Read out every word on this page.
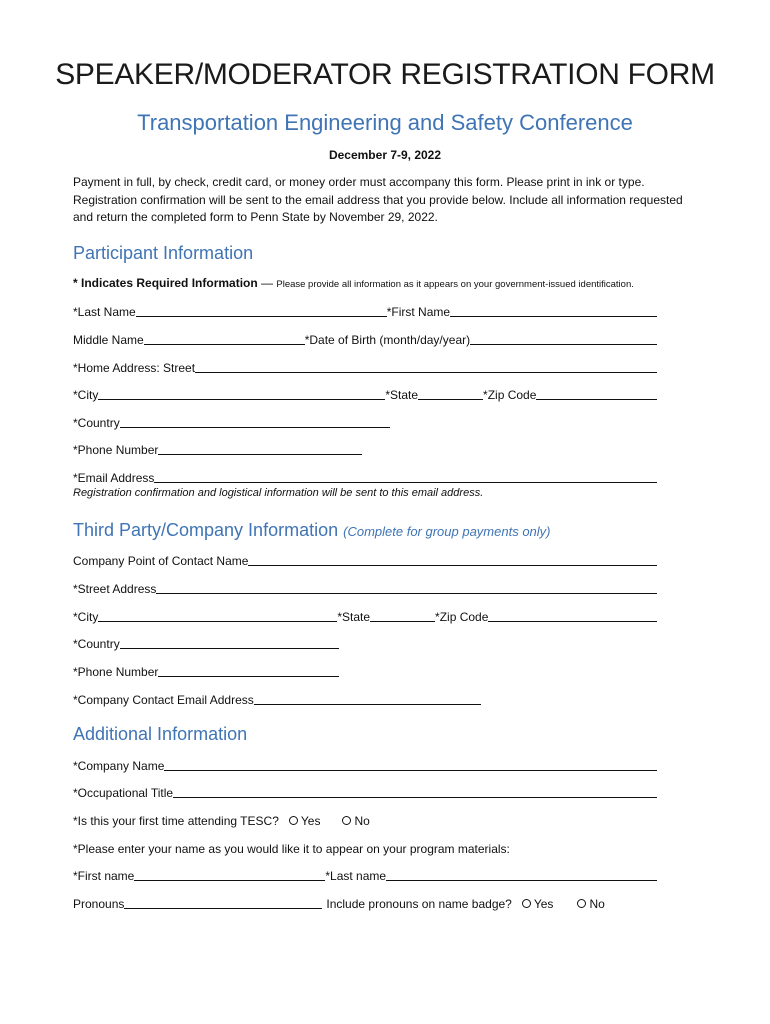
SPEAKER/MODERATOR REGISTRATION FORM
Transportation Engineering and Safety Conference
December 7-9, 2022
Payment in full, by check, credit card, or money order must accompany this form. Please print in ink or type. Registration confirmation will be sent to the email address that you provide below. Include all information requested and return the completed form to Penn State by November 29, 2022.
Participant Information
* Indicates Required Information — Please provide all information as it appears on your government-issued identification.
*Last Name	*First Name
Middle Name	*Date of Birth (month/day/year)
*Home Address: Street
*City	*State	*Zip Code
*Country
*Phone Number
*Email Address
Registration confirmation and logistical information will be sent to this email address.
Third Party/Company Information (Complete for group payments only)
Company Point of Contact Name
*Street Address
*City	*State	*Zip Code
*Country
*Phone Number
*Company Contact Email Address
Additional Information
*Company Name
*Occupational Title
*Is this your first time attending TESC?	Yes	No
*Please enter your name as you would like it to appear on your program materials:
*First name	*Last name
Pronouns	Include pronouns on name badge?	Yes	No
